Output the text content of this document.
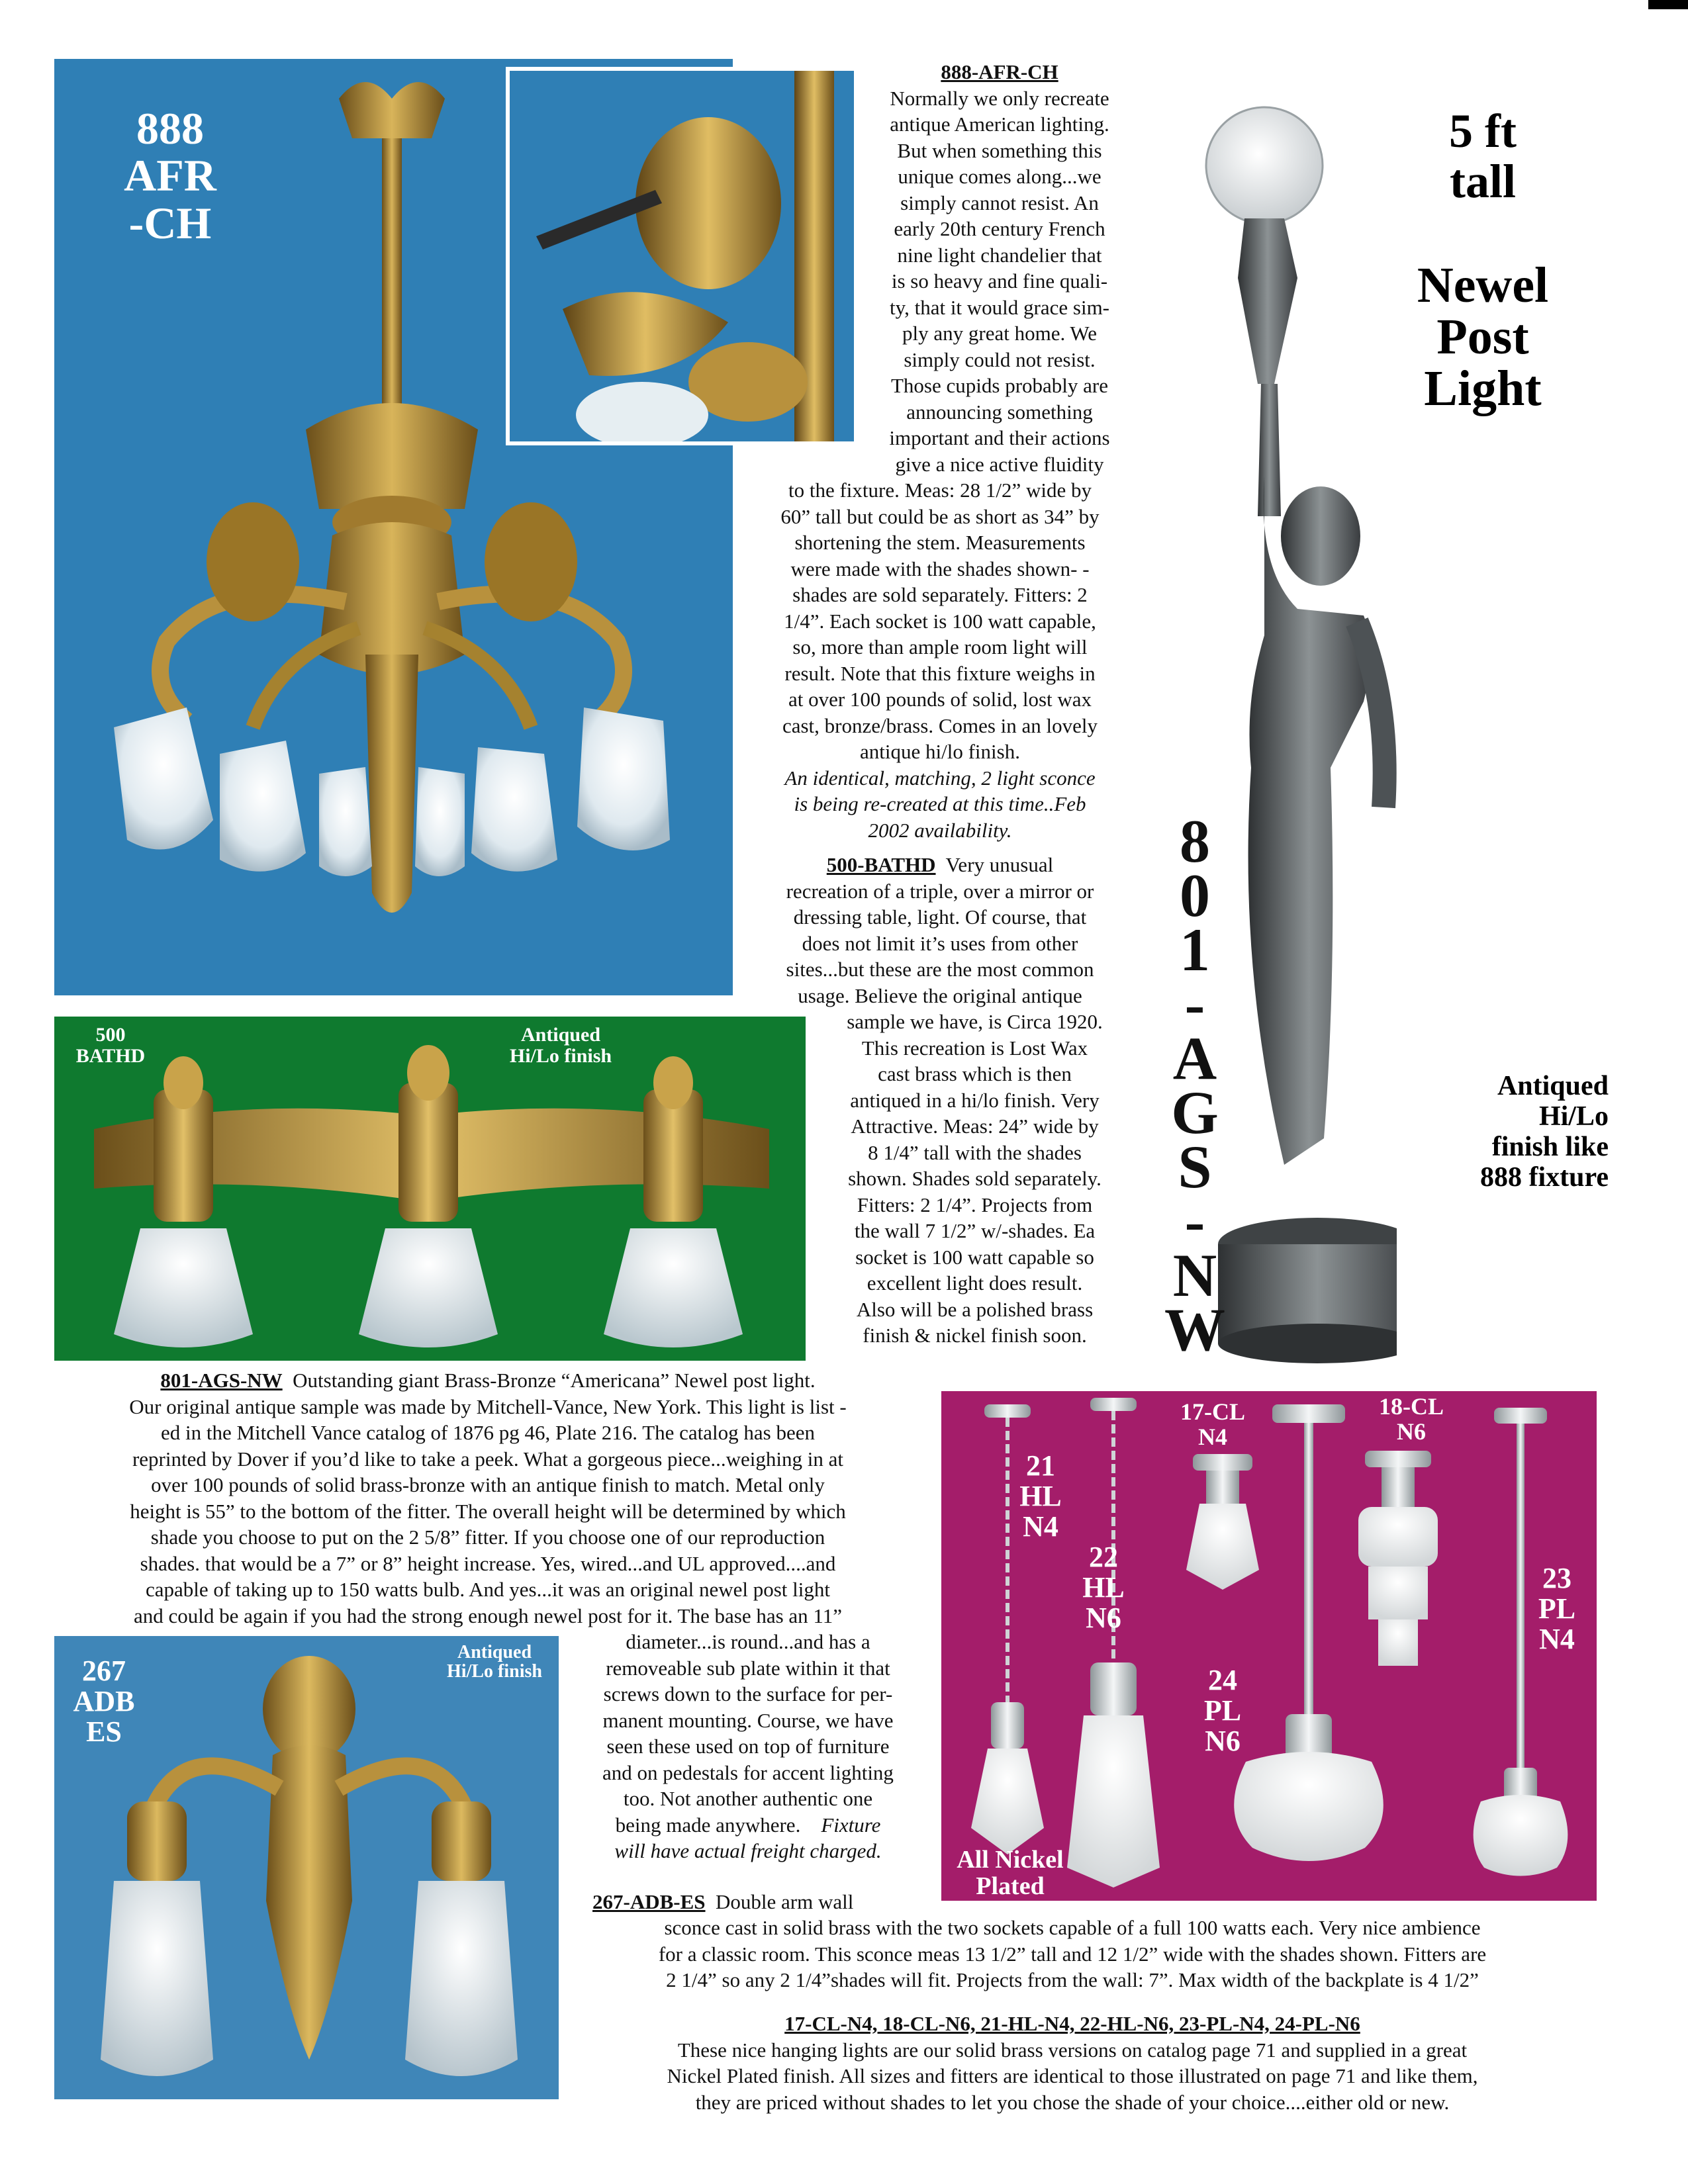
888
AFR
-CH

888-AFR-CH

Normally we only recreate

antique American lighting.

But when something this

unique comes along...we

simply cannot resist. An

early 20th century French

nine light chandelier that

is so heavy and fine quali-

ty, that it would grace sim-

ply any great home. We

simply could not resist.

Those cupids probably are

announcing something

important and their actions

give a nice active fluidity

to the fixture. Meas: 28 1/2” wide by

60” tall but could be as short as 34” by

shortening the stem. Measurements

were made with the shades shown- -

shades are sold separately. Fitters: 2

1/4”. Each socket is 100 watt capable,

so, more than ample room light will

result. Note that this fixture weighs in

at over 100 pounds of solid, lost wax

cast, bronze/brass. Comes in an lovely

antique hi/lo finish.

An identical, matching, 2 light sconce

is being re-created at this time..Feb

2002 availability.

500-BATHD Very unusual

recreation of a triple, over a mirror or

dressing table, light. Of course, that

does not limit it’s uses from other

sites...but these are the most common

usage. Believe the original antique

sample we have, is Circa 1920.

This recreation is Lost Wax

cast brass which is then

antiqued in a hi/lo finish. Very

Attractive. Meas: 24” wide by

8 1/4” tall with the shades

shown. Shades sold separately.

Fitters: 2 1/4”. Projects from

the wall 7 1/2” w/-shades. Ea

socket is 100 watt capable so

excellent light does result.

Also will be a polished brass

finish & nickel finish soon.

500
BATHD
Antiqued
Hi/Lo finish
5 ft
tall
Newel
Post
Light
8
0
1
-
A
G
S
-
N
W
Antiqued
Hi/Lo
finish like
888 fixture

801-AGS-NW Outstanding giant Brass-Bronze “Americana” Newel post light.

Our original antique sample was made by Mitchell-Vance, New York. This light is list -

ed in the Mitchell Vance catalog of 1876 pg 46, Plate 216. The catalog has been

reprinted by Dover if you’d like to take a peek. What a gorgeous piece...weighing in at

over 100 pounds of solid brass-bronze with an antique finish to match. Metal only

height is 55” to the bottom of the fitter. The overall height will be determined by which

shade you choose to put on the 2 5/8” fitter. If you choose one of our reproduction

shades. that would be a 7” or 8” height increase. Yes, wired...and UL approved....and

capable of taking up to 150 watts bulb. And yes...it was an original newel post light

and could be again if you had the strong enough newel post for it. The base has an 11”

diameter...is round...and has a

removeable sub plate within it that

screws down to the surface for per-

manent mounting. Course, we have

seen these used on top of furniture

and on pedestals for accent lighting

too. Not another authentic one

being made anywhere. Fixture

will have actual freight charged.

267
ADB
ES
Antiqued
Hi/Lo finish

267-ADB-ES Double arm wall

sconce cast in solid brass with the two sockets capable of a full 100 watts each. Very nice ambience

for a classic room. This sconce meas 13 1/2” tall and 12 1/2” wide with the shades shown. Fitters are

2 1/4” so any 2 1/4”shades will fit. Projects from the wall: 7”. Max width of the backplate is 4 1/2”

21
HL
N4
22
HL
N6
17-CL
N4
18-CL
N6
23
PL
N4
24
PL
N6
All Nickel
Plated

17-CL-N4, 18-CL-N6, 21-HL-N4, 22-HL-N6, 23-PL-N4, 24-PL-N6

These nice hanging lights are our solid brass versions on catalog page 71 and supplied in a great

Nickel Plated finish. All sizes and fitters are identical to those illustrated on page 71 and like them,

they are priced without shades to let you chose the shade of your choice....either old or new.
